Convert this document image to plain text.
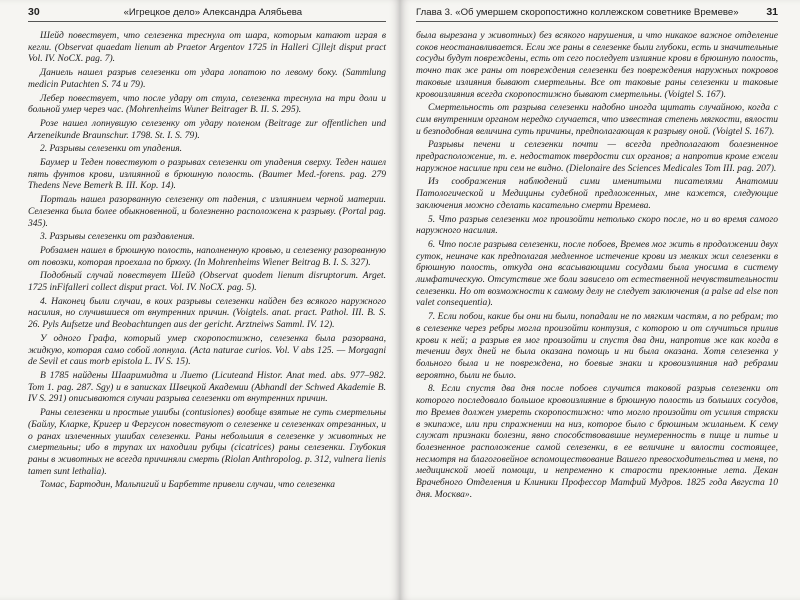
30	«Игрецкое дело» Александра Алябьева

Шейд повествует, что селезенка треснула от шара, которым катают играя в кегли. (Observat quaedam lienum ab Praetor Argentov 1725 in Halleri Cjllejt disput pract Vol. IV. NoCX. pag. 7).

Даниель нашел разрыв селезенки от удара лопатою по левому боку. (Sammlung medicin Putachten S. 74 и 79).

Лебер повествует, что после удару от стула, селезенка треснула на три доли и больной умер через час. (Mohrenheims Wuner Beitrager B. II. S. 295).

Розе нашел лопнувшую селезенку от удару поленом (Beitrage zur offentlichen und Arzeneikunde Braunschur. 1798. St. I. S. 79).

2. Разрывы селезенки от упадения.

Баумер и Теден повествуют о разрывах селезенки от упадения сверху. Теден нашел пять фунтов крови, излиянной в брюшную полость. (Baumer Med.-forens. pag. 279 Thedens Neve Bemerk B. III. Kop. 14).

Порталь нашел разорванную селезенку от падения, с излиянием черной материи. Селезенка была более обыкновенной, и болезненно расположена к разрыву. (Portal pag. 345).

3. Разрывы селезенки от раздавления.

Робзамен нашел в брюшную полость, наполненную кровью, и селезенку разорванную от повозки, которая проехала по брюху. (In Mohrenheims Wiener Beitrag B. I. S. 327).

Подобный случай повествует Шейд (Observat quodem lienum disruptorum. Arget. 1725 inFifalleri collect disput pract. Vol. IV. NoCX. pag. 5).

4. Наконец были случаи, в коих разрывы селезенки найден без всякого наружного насилия, но случившиеся от внутренних причин. (Voigtels. anat. pract. Pathol. III. B. S. 26. Pyls Aufsetze und Beobachtungen aus der gericht. Arztneiws Samml. IV. 12).

У одного Графа, который умер скоропостижно, селезенка была разорвана, жидкую, которая само собой лопнула. (Acta naturae curios. Vol. V abs 125. — Morgagni de Sevil et caus morb epistola L. IV S. 15).

В 1785 найдены Шааримидта и Лието (Licuteand Histor. Anat med. abs. 977–982. Tom 1. pag. 287. Sgy) и в записках Швецкой Академии (Abhandl der Schwed Akademie B. IV S. 291) описываются случаи разрыва селезенки от внутренних причин.

Раны селезенки и простые ушибы (contusiones) вообще взятые не суть смертельны (Байлу, Кларке, Кригер и Фергусон повествуют о селезенке и селезенках отрезанных, и о ранах излеченных ушибах селезенки. Раны небольшия в селезенке у животных не смертельны; ибо в трупах их находили рубцы (cicatrices) раны селезенки. Глубокия раны в животных не всегда причиняли смерть (Riolan Anthropolog. p. 312, vulnera lienis tamen sunt lethalia).

Томас, Бартодин, Мальпигий и Барбетте привели случаи, что селезенка

Глава 3. «Об умершем скоропостижно коллежском советнике Времеве»	31

была вырезана у животных) без всякого нарушения, и что никакое важное отделение соков неостанавливается. Если же раны в селезенке были глубоки, есть и значительные сосуды будут повреждены, есть от сего последует излияние крови в брюшную полость, точно так же раны от повреждения селезенки без повреждения наружных покровов таковые излияния бывают смертельны. Все от таковые раны селезенки и таковые кровоизлияния всегда скоропостижно бывают смертельны. (Voigtel S. 167).

Смертельность от разрыва селезенки надобно иногда щитать случайною, когда с сим внутренним органом нередко случается, что известная степень мягкости, вялости и безподобная величина суть причины, предполагающая к разрыву оной. (Voigtel S. 167).

Разрывы печени и селезенки почти — всегда предполагают болезненное предрасположение, т. е. недостаток твердости сих органов; а напротив кроме ежели наружное насилие при сем не видно. (Dielonaire des Sciences Medicales Tom III. pag. 207).

Из соображения наблюдений сими именитыми писателями Анатомии Патологической и Медицины судебной предложенных, мне кажется, следующие заключения можно сделать касательно смерти Времева.

5. Что разрыв селезенки мог произойти нетолько скоро после, но и во время самого наружного насилия.

6. Что после разрыва селезенки, после побоев, Времев мог жить в продолжении двух суток, неиначе как предполагая медленное истечение крови из мелких жил селезенки в брюшную полость, откуда она всасывающими сосудами была уносима в систему лимфатическую. Отсутствие же боли зависело от естественной нечувствительности селезенки. Но от возможности к самому делу не следует заключения (a palse ad else non valet consequentia).

7. Если побои, какие бы они ни были, попадали не по мягким частям, а по ребрам; то в селезенке через ребры могла произойти контузия, с которою и от случиться прилив крови к ней; а разрыв ея мог произойти и спустя два дни, напротив же как когда в течении двух дней не была оказана помощь и ни была оказана. Хотя селезенка у больного была и не повреждена, но боевые знаки и кровоизлияния над ребрами вероятно, были не было.

8. Если спустя два дня после побоев случится таковой разрыв селезенки от которого последовало большое кровоизлияние в брюшную полость из больших сосудов, то Времев должен умереть скоропостижно: что могло произойти от усилия стряски в экипаже, или при спражнении на низ, которое было с брюшным жиланьем. К сему служат признаки болезни, явно способствовавшие неумеренность в пище и питье и болезненное расположение самой селезенки, в ее величине и вялости состоящее, несмотря на благоговейное вспомоществование Вашего превосходительства и меня, по медицинской моей помощи, и непременно к старости преклонные лета. Декан Врачебного Отделения и Клиники Профессор Матфий Мудров. 1825 года Августа 10 дня. Москва».
